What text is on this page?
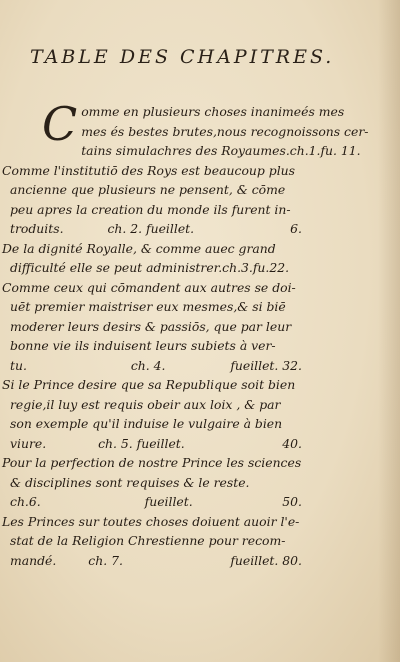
TABLE DES CHAPITRES.
C omme en plusieurs choses inanimeés mes
mes és bestes brutes,nous recognoissons cer-
tains simulachres des Royaumes.ch.1.fu. 11.
Comme l'institutiō des Roys est beaucoup plus
ancienne que plusieurs ne pensent, & cōme
peu apres la creation du monde ils furent in-
troduits.	ch. 2. fueillet.	6.
De la dignité Royalle, & comme auec grand
difficulté elle se peut administrer.ch.3.fu.22.
Comme ceux qui cōmandent aux autres se doi-
uēt premier maistriser eux mesmes,& si biē
moderer leurs desirs & passiōs, que par leur
bonne vie ils induisent leurs subiets à ver-
tu.	ch. 4.	fueillet. 32.
Si le Prince desire que sa Republique soit bien
regie,il luy est requis obeir aux loix , & par
son exemple qu'il induise le vulgaire à bien
viure.	ch. 5. fueillet.	40.
Pour la perfection de nostre Prince les sciences
& disciplines sont requises & le reste.
ch.6.	fueillet.	50.
Les Princes sur toutes choses doiuent auoir l'e-
stat de la Religion Chrestienne pour recom-
mandé.	ch. 7.	fueillet. 80.
